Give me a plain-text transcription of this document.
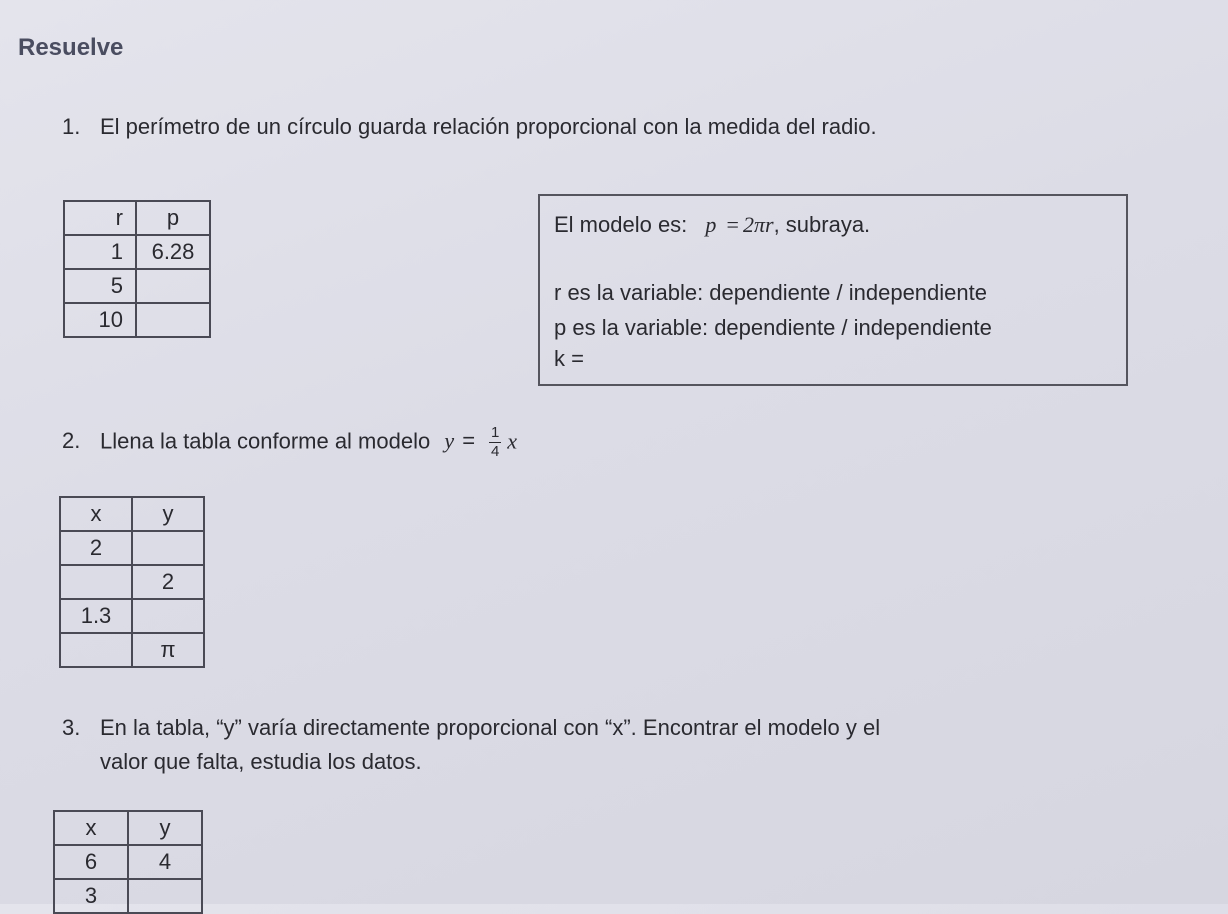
Resuelve
1. El perímetro de un círculo guarda relación proporcional con la medida del radio.
r	p
1	6.28
5	
10	
El modelo es: p = 2πr, subraya.
r es la variable: dependiente / independiente
p es la variable: dependiente / independiente
k =
2. Llena la tabla conforme al modelo $y = \frac{1}{4}$ x
x	y
2	
	2
1.3	
	π
3. En la tabla, “y” varía directamente proporcional con “x”. Encontrar el modelo y el
valor que falta, estudia los datos.
x	y
6	4
3	
